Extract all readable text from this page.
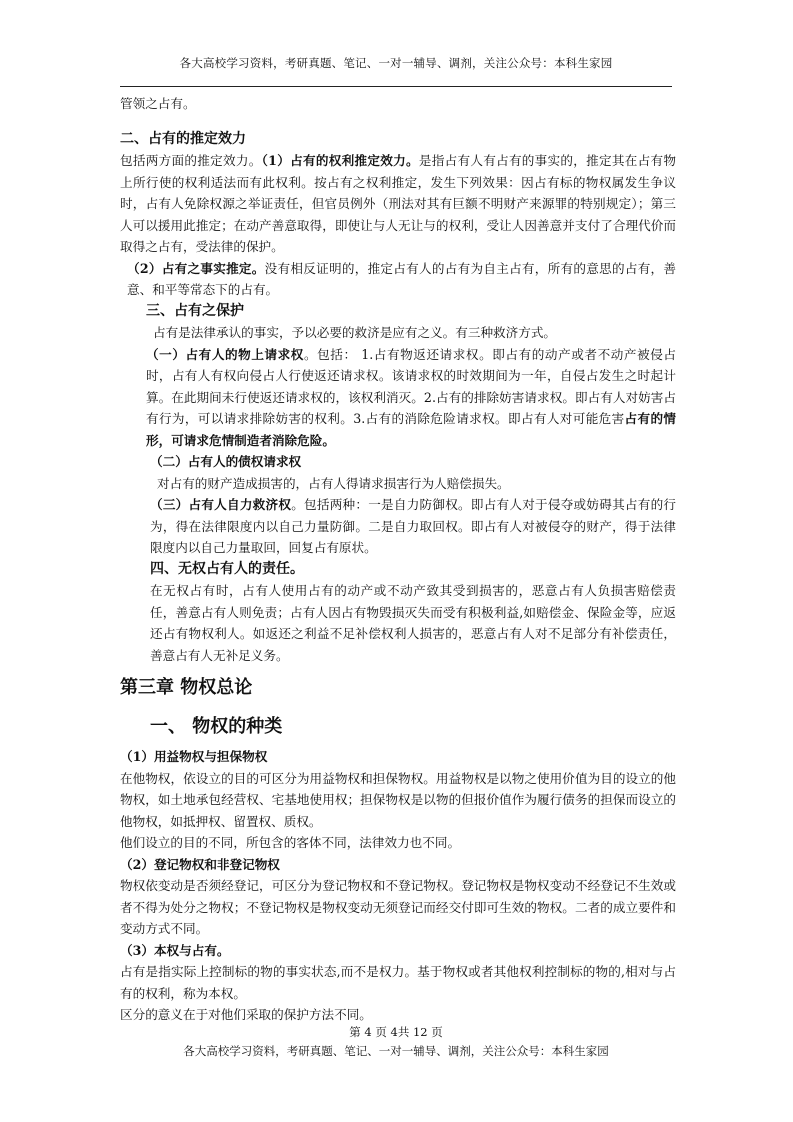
各大高校学习资料，考研真题、笔记、一对一辅导、调剂，关注公众号：本科生家园

管领之占有。

二、占有的推定效力

包括两方面的推定效力。（1）占有的权利推定效力。是指占有人有占有的事实的，推定其在占有物上所行使的权利适法而有此权利。按占有之权利推定，发生下列效果：因占有标的物权属发生争议时，占有人免除权源之举证责任，但官员例外（刑法对其有巨额不明财产来源罪的特别规定）；第三人可以援用此推定；在动产善意取得，即使让与人无让与的权利，受让人因善意并支付了合理代价而取得之占有，受法律的保护。

（2）占有之事实推定。没有相反证明的，推定占有人的占有为自主占有，所有的意思的占有，善意、和平等常态下的占有。

三、占有之保护

占有是法律承认的事实，予以必要的救济是应有之义。有三种救济方式。

（一）占有人的物上请求权。包括： 1.占有物返还请求权。即占有的动产或者不动产被侵占时，占有人有权向侵占人行使返还请求权。该请求权的时效期间为一年，自侵占发生之时起计算。在此期间未行使返还请求权的，该权利消灭。2.占有的排除妨害请求权。即占有人对妨害占有行为，可以请求排除妨害的权利。3.占有的消除危险请求权。即占有人对可能危害占有的情形，可请求危情制造者消除危险。

（二）占有人的债权请求权

对占有的财产造成损害的，占有人得请求损害行为人赔偿损失。

（三）占有人自力救济权。包括两种：一是自力防御权。即占有人对于侵夺或妨碍其占有的行为，得在法律限度内以自己力量防御。二是自力取回权。即占有人对被侵夺的财产，得于法律限度内以自己力量取回，回复占有原状。

四、无权占有人的责任。

在无权占有时，占有人使用占有的动产或不动产致其受到损害的，恶意占有人负损害赔偿责任，善意占有人则免责；占有人因占有物毁损灭失而受有积极利益,如赔偿金、保险金等，应返还占有物权利人。如返还之利益不足补偿权利人损害的，恶意占有人对不足部分有补偿责任，善意占有人无补足义务。

第三章 物权总论

一、 物权的种类

（1）用益物权与担保物权

在他物权，依设立的目的可区分为用益物权和担保物权。用益物权是以物之使用价值为目的设立的他物权，如土地承包经营权、宅基地使用权；担保物权是以物的但报价值作为履行债务的担保而设立的他物权，如抵押权、留置权、质权。

他们设立的目的不同，所包含的客体不同，法律效力也不同。

（2）登记物权和非登记物权

物权依变动是否须经登记，可区分为登记物权和不登记物权。登记物权是物权变动不经登记不生效或者不得为处分之物权；不登记物权是物权变动无须登记而经交付即可生效的物权。二者的成立要件和变动方式不同。

（3）本权与占有。

占有是指实际上控制标的物的事实状态,而不是权力。基于物权或者其他权利控制标的物的,相对与占有的权利，称为本权。

区分的意义在于对他们采取的保护方法不同。

第 4 页 4共 12 页
各大高校学习资料，考研真题、笔记、一对一辅导、调剂，关注公众号：本科生家园
